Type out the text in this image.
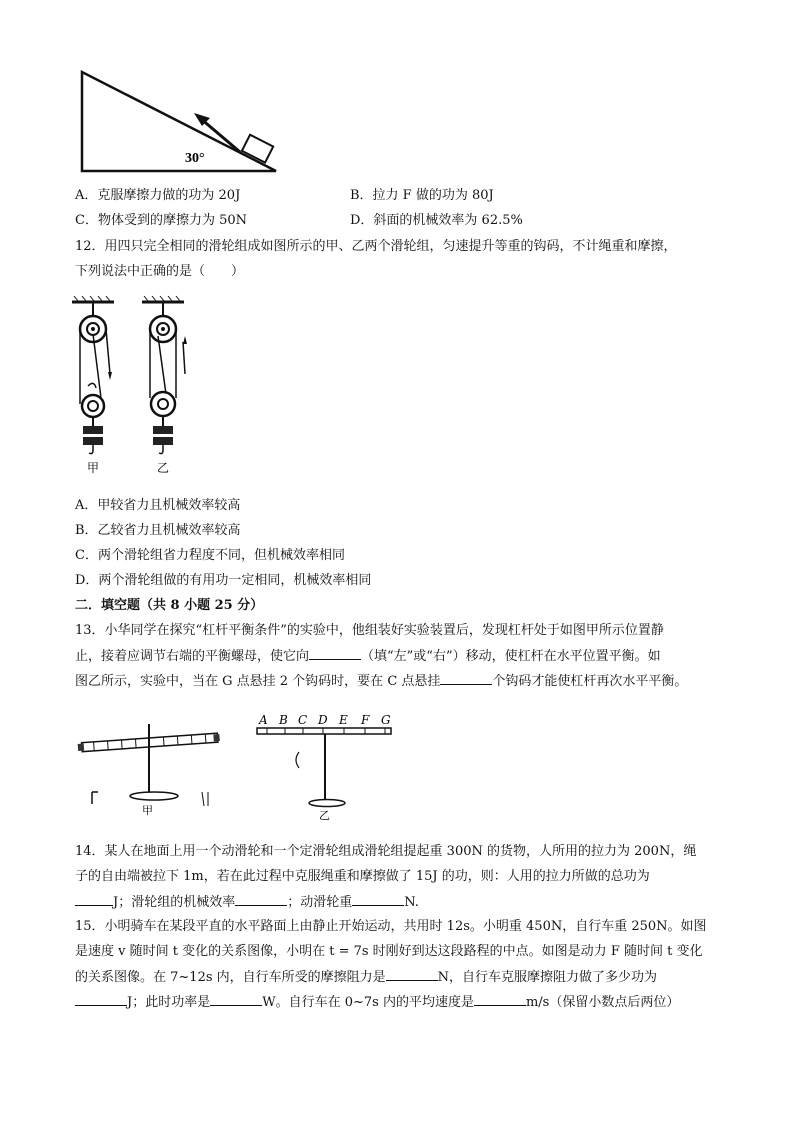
30°
A．克服摩擦力做的功为 20J	B．拉力 F 做的功为 80J
C．物体受到的摩擦力为 50N	D．斜面的机械效率为 62.5%
12．用四只完全相同的滑轮组成如图所示的甲、乙两个滑轮组，匀速提升等重的钩码，不计绳重和摩擦，
下列说法中正确的是（　　）
甲	乙
A．甲较省力且机械效率较高
B．乙较省力且机械效率较高
C．两个滑轮组省力程度不同，但机械效率相同
D．两个滑轮组做的有用功一定相同，机械效率相同
二．填空题（共 8 小题 25 分）
13．小华同学在探究“杠杆平衡条件”的实验中，他组装好实验装置后，发现杠杆处于如图甲所示位置静
止，接着应调节右端的平衡螺母，使它向	（填“左”或“右”）移动，使杠杆在水平位置平衡。如
图乙所示，实验中，当在 G 点悬挂 2 个钩码时，要在 C 点悬挂	个钩码才能使杠杆再次水平平衡。
甲
A B C D E F G
乙
14．某人在地面上用一个动滑轮和一个定滑轮组成滑轮组提起重 300N 的货物，人所用的拉力为 200N，绳
子的自由端被拉下 1m，若在此过程中克服绳重和摩擦做了 15J 的功，则：人用的拉力所做的总功为
J；滑轮组的机械效率	；动滑轮重	N.
15．小明骑车在某段平直的水平路面上由静止开始运动，共用时 12s。小明重 450N，自行车重 250N。如图
是速度 v 随时间 t 变化的关系图像，小明在 t = 7s 时刚好到达这段路程的中点。如图是动力 F 随时间 t 变化
的关系图像。在 7~12s 内，自行车所受的摩擦阻力是	N，自行车克服摩擦阻力做了多少功为
J；此时功率是	W。自行车在 0~7s 内的平均速度是	m/s（保留小数点后两位）
